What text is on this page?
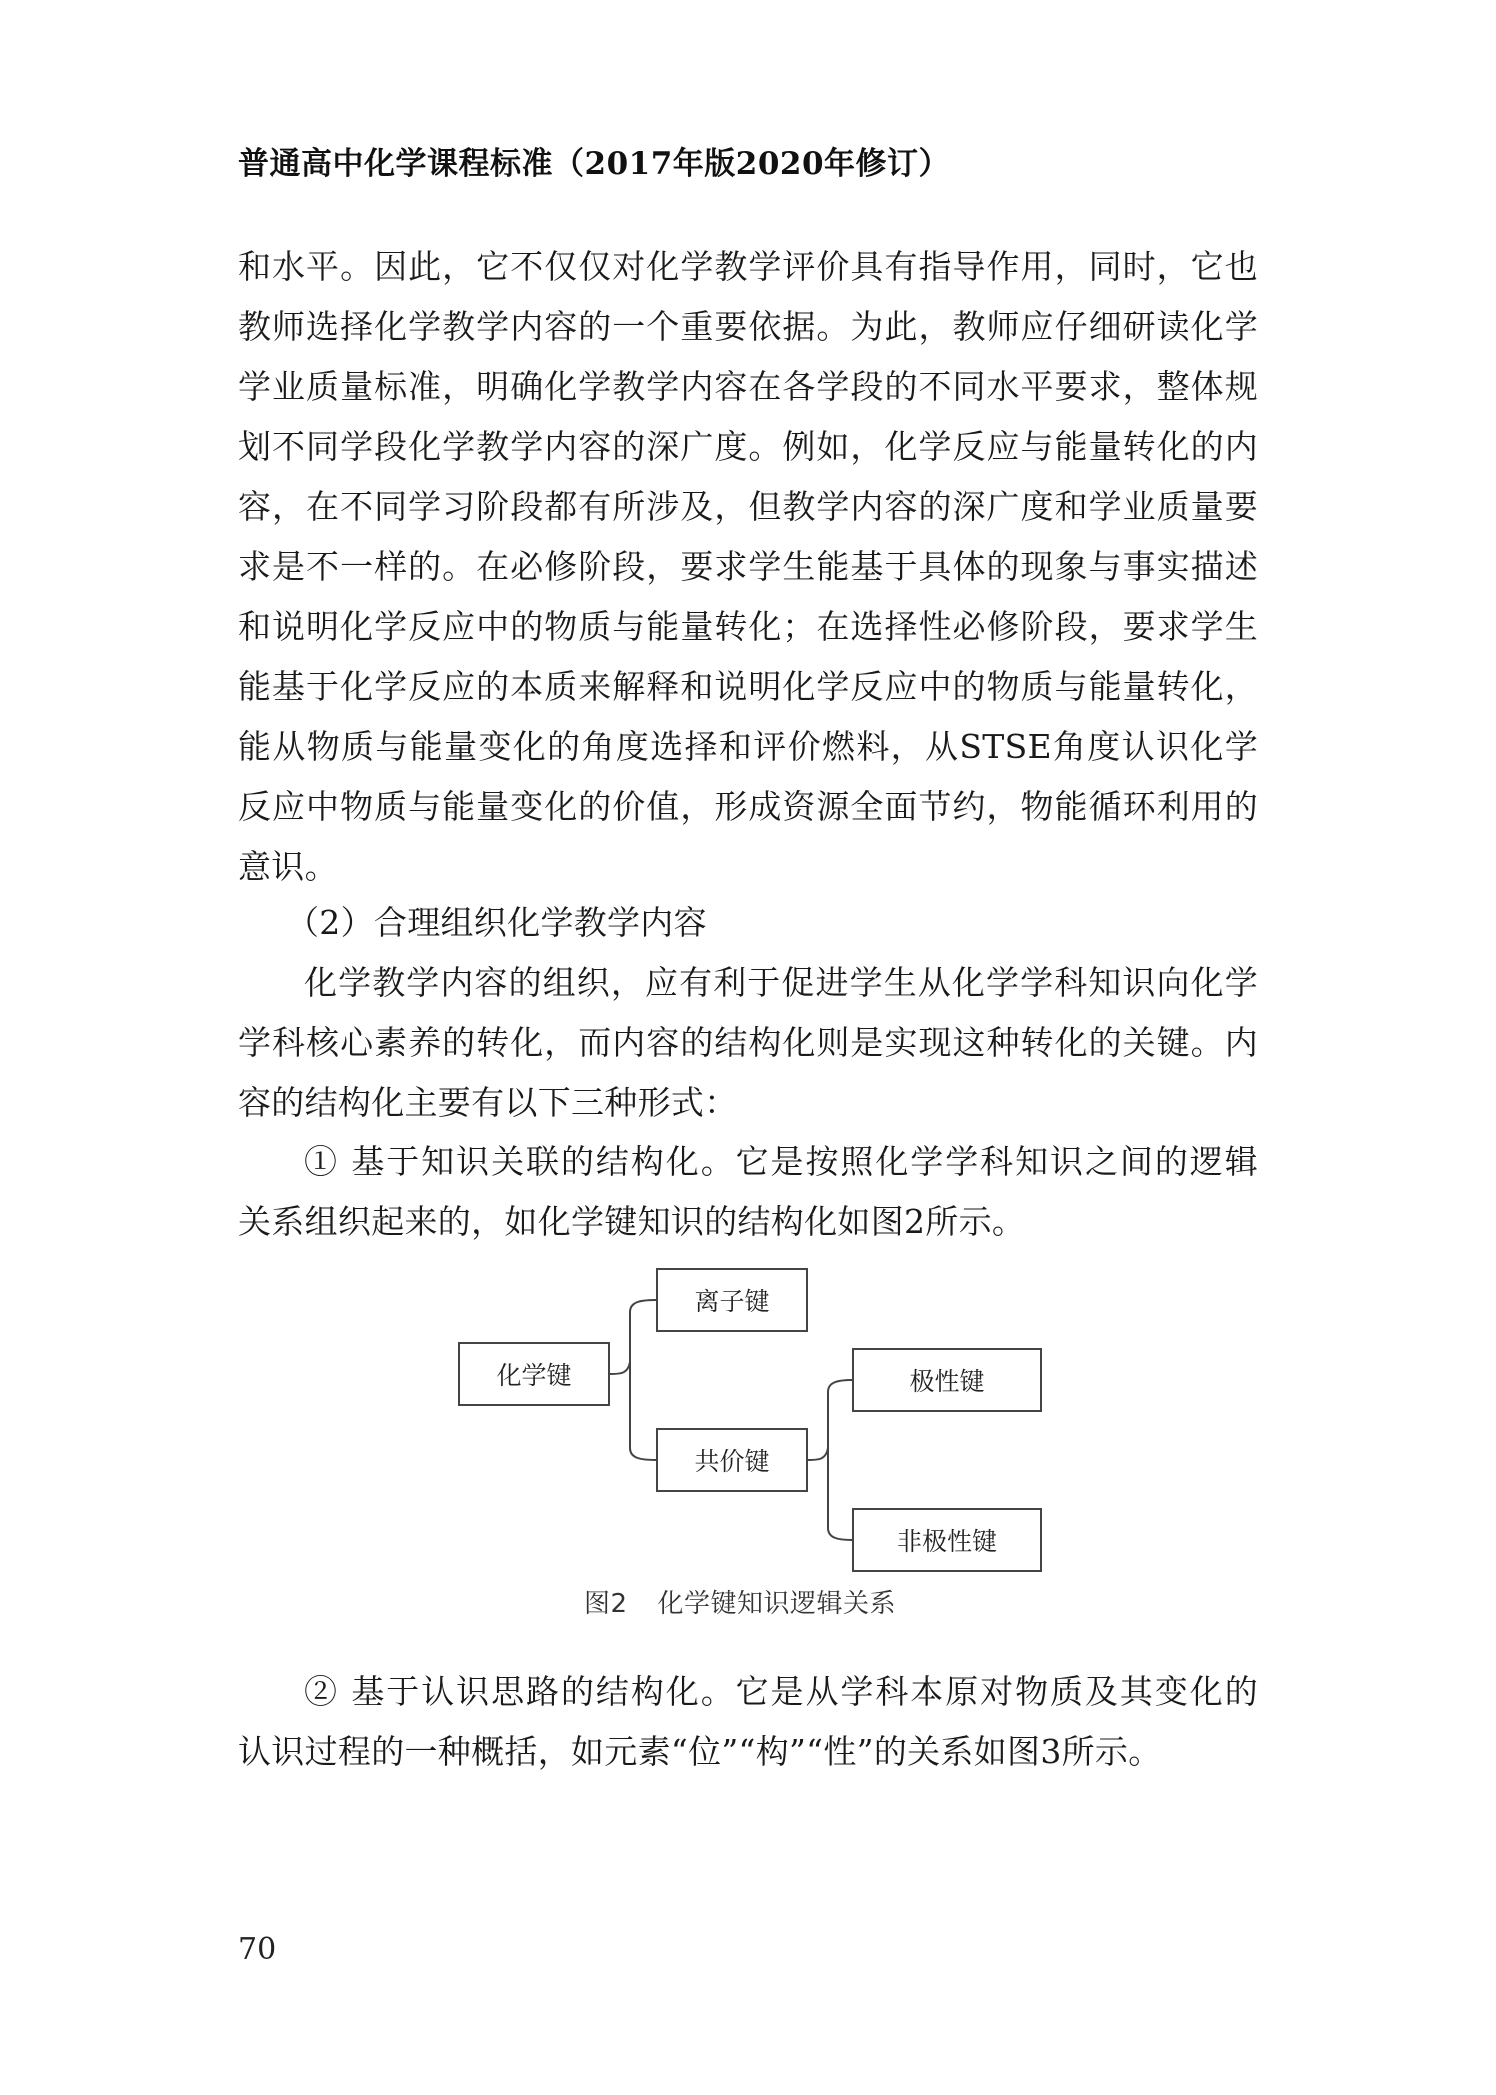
普通高中化学课程标准（2017年版2020年修订）
和水平。因此，它不仅仅对化学教学评价具有指导作用，同时，它也
教师选择化学教学内容的一个重要依据。为此，教师应仔细研读化学
学业质量标准，明确化学教学内容在各学段的不同水平要求，整体规
划不同学段化学教学内容的深广度。例如，化学反应与能量转化的内
容，在不同学习阶段都有所涉及，但教学内容的深广度和学业质量要
求是不一样的。在必修阶段，要求学生能基于具体的现象与事实描述
和说明化学反应中的物质与能量转化；在选择性必修阶段，要求学生
能基于化学反应的本质来解释和说明化学反应中的物质与能量转化，
能从物质与能量变化的角度选择和评价燃料，从STSE角度认识化学
反应中物质与能量变化的价值，形成资源全面节约，物能循环利用的
意识。
（2）合理组织化学教学内容
化学教学内容的组织，应有利于促进学生从化学学科知识向化学
学科核心素养的转化，而内容的结构化则是实现这种转化的关键。内
容的结构化主要有以下三种形式：
① 基于知识关联的结构化。它是按照化学学科知识之间的逻辑
关系组织起来的，如化学键知识的结构化如图2所示。
化学键
离子键
共价键
极性键
非极性键
图2 化学键知识逻辑关系
② 基于认识思路的结构化。它是从学科本原对物质及其变化的
认识过程的一种概括，如元素“位”“构”“性”的关系如图3所示。
70
